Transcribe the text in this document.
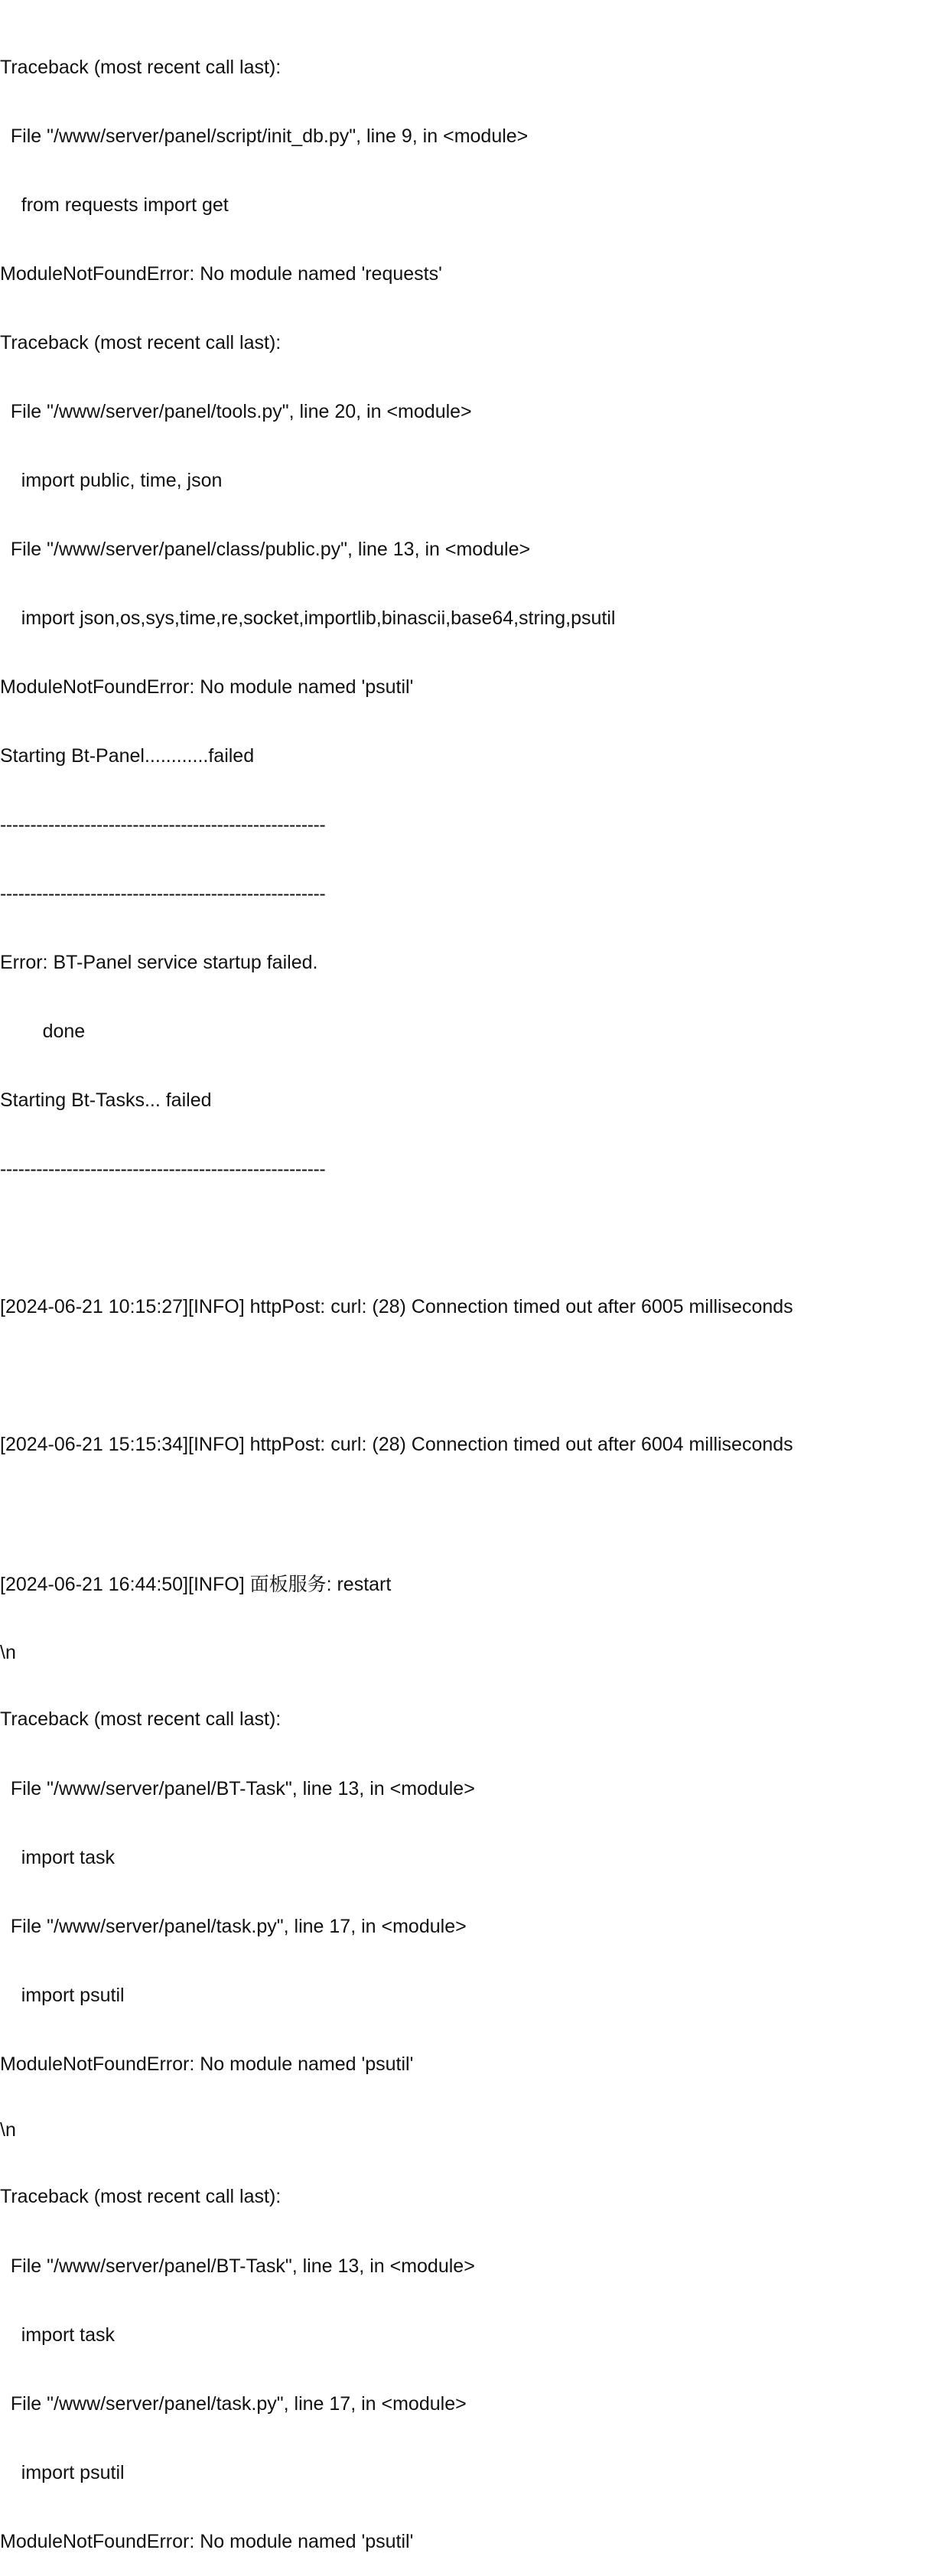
Traceback (most recent call last):

File "/www/server/panel/script/init_db.py", line 9, in <module>

from requests import get

ModuleNotFoundError: No module named 'requests'

Traceback (most recent call last):

File "/www/server/panel/tools.py", line 20, in <module>

import public, time, json

File "/www/server/panel/class/public.py", line 13, in <module>

import json,os,sys,time,re,socket,importlib,binascii,base64,string,psutil

ModuleNotFoundError: No module named 'psutil'

Starting Bt-Panel............failed

------------------------------------------------------

------------------------------------------------------

Error: BT-Panel service startup failed.

done

Starting Bt-Tasks... failed

------------------------------------------------------

[2024-06-21 10:15:27][INFO] httpPost: curl: (28) Connection timed out after 6005 milliseconds

[2024-06-21 15:15:34][INFO] httpPost: curl: (28) Connection timed out after 6004 milliseconds

[2024-06-21 16:44:50][INFO] 面板服务: restart

\n

Traceback (most recent call last):

File "/www/server/panel/BT-Task", line 13, in <module>

import task

File "/www/server/panel/task.py", line 17, in <module>

import psutil

ModuleNotFoundError: No module named 'psutil'

\n

Traceback (most recent call last):

File "/www/server/panel/BT-Task", line 13, in <module>

import task

File "/www/server/panel/task.py", line 17, in <module>

import psutil

ModuleNotFoundError: No module named 'psutil'
